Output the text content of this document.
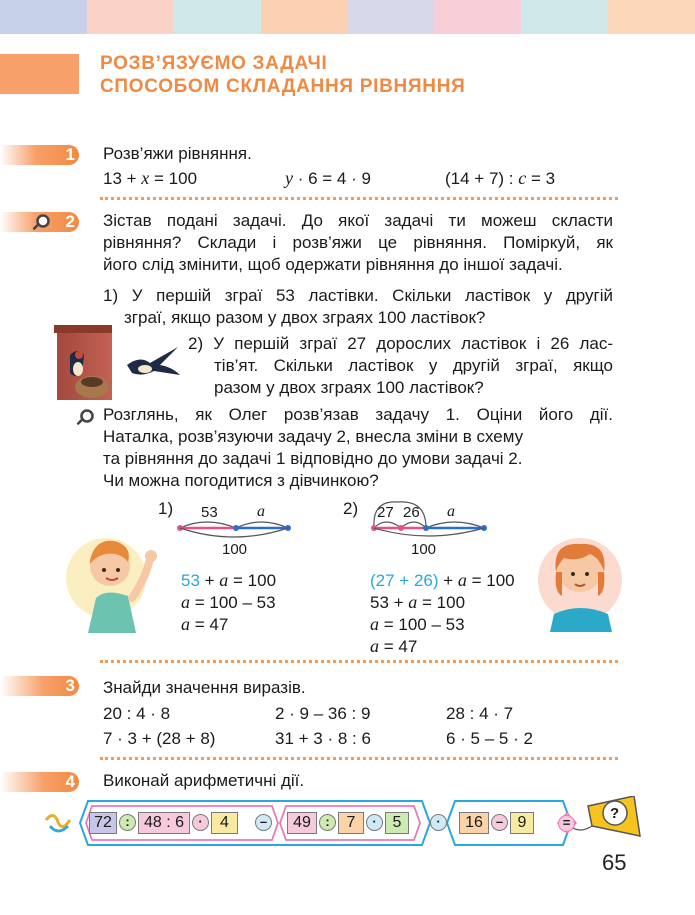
РОЗВ’ЯЗУЄМО ЗАДАЧІ
СПОСОБОМ СКЛАДАННЯ РІВНЯННЯ
1 Розв’яжи рівняння.
13 + x = 100	y · 6 = 4 · 9	(14 + 7) : c = 3
2 Зістав подані задачі. До якої задачі ти можеш скласти
рівняння? Склади і розв’яжи це рівняння. Поміркуй, як
його слід змінити, щоб одержати рівняння до іншої задачі.
1) У першій зграї 53 ластівки. Скільки ластівок у другій
зграї, якщо разом у двох зграях 100 ластівок?
2) У першій зграї 27 дорослих ластівок і 26 лас-
тів’ят. Скільки ластівок у другій зграї, якщо
разом у двох зграях 100 ластівок?
Розглянь, як Олег розв’язав задачу 1. Оціни його дії.
Наталка, розв’язуючи задачу 2, внесла зміни в схему
та рівняння до задачі 1 відповідно до умови задачі 2.
Чи можна погодитися з дівчинкою?
1) 53 a
100
53 + a = 100
a = 100 – 53
a = 47
2) 27 26 a
100
(27 + 26) + a = 100
53 + a = 100
a = 100 – 53
a = 47
3 Знайди значення виразів.
20 : 4 · 8	2 · 9 – 36 : 9	28 : 4 · 7
7 · 3 + (28 + 8)	31 + 3 · 8 : 6	6 · 5 – 5 · 2
4 Виконай арифметичні дії.
72	: 48 : 6	·	4	–	49	:	7	· 5	·	16 – 9	=
?
65
